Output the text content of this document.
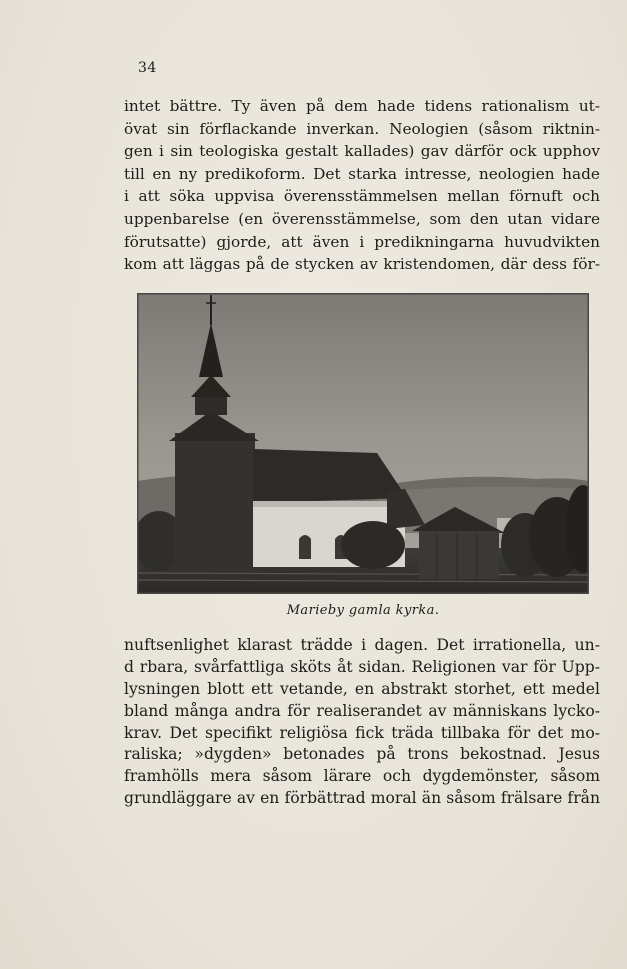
34
intet bättre. Ty även på dem hade tidens rationalism ut-
övat sin förflackande inverkan. Neologien (såsom riktnin-
gen i sin teologiska gestalt kallades) gav därför ock upphov
till en ny predikoform. Det starka intresse, neologien hade
i att söka uppvisa överensstämmelsen mellan förnuft och
uppenbarelse (en överensstämmelse, som den utan vidare
förutsatte) gjorde, att även i predikningarna huvudvikten
kom att läggas på de stycken av kristendomen, där dess för-
Marieby gamla kyrka.
nuftsenlighet klarast trädde i dagen. Det irrationella, un-
d rbara, svårfattliga sköts åt sidan. Religionen var för Upp-
lysningen blott ett vetande, en abstrakt storhet, ett medel
bland många andra för realiserandet av människans lycko-
krav. Det specifikt religiösa fick träda tillbaka för det mo-
raliska; »dygden» betonades på trons bekostnad. Jesus
framhölls mera såsom lärare och dygdemönster, såsom
grundläggare av en förbättrad moral än såsom frälsare från
